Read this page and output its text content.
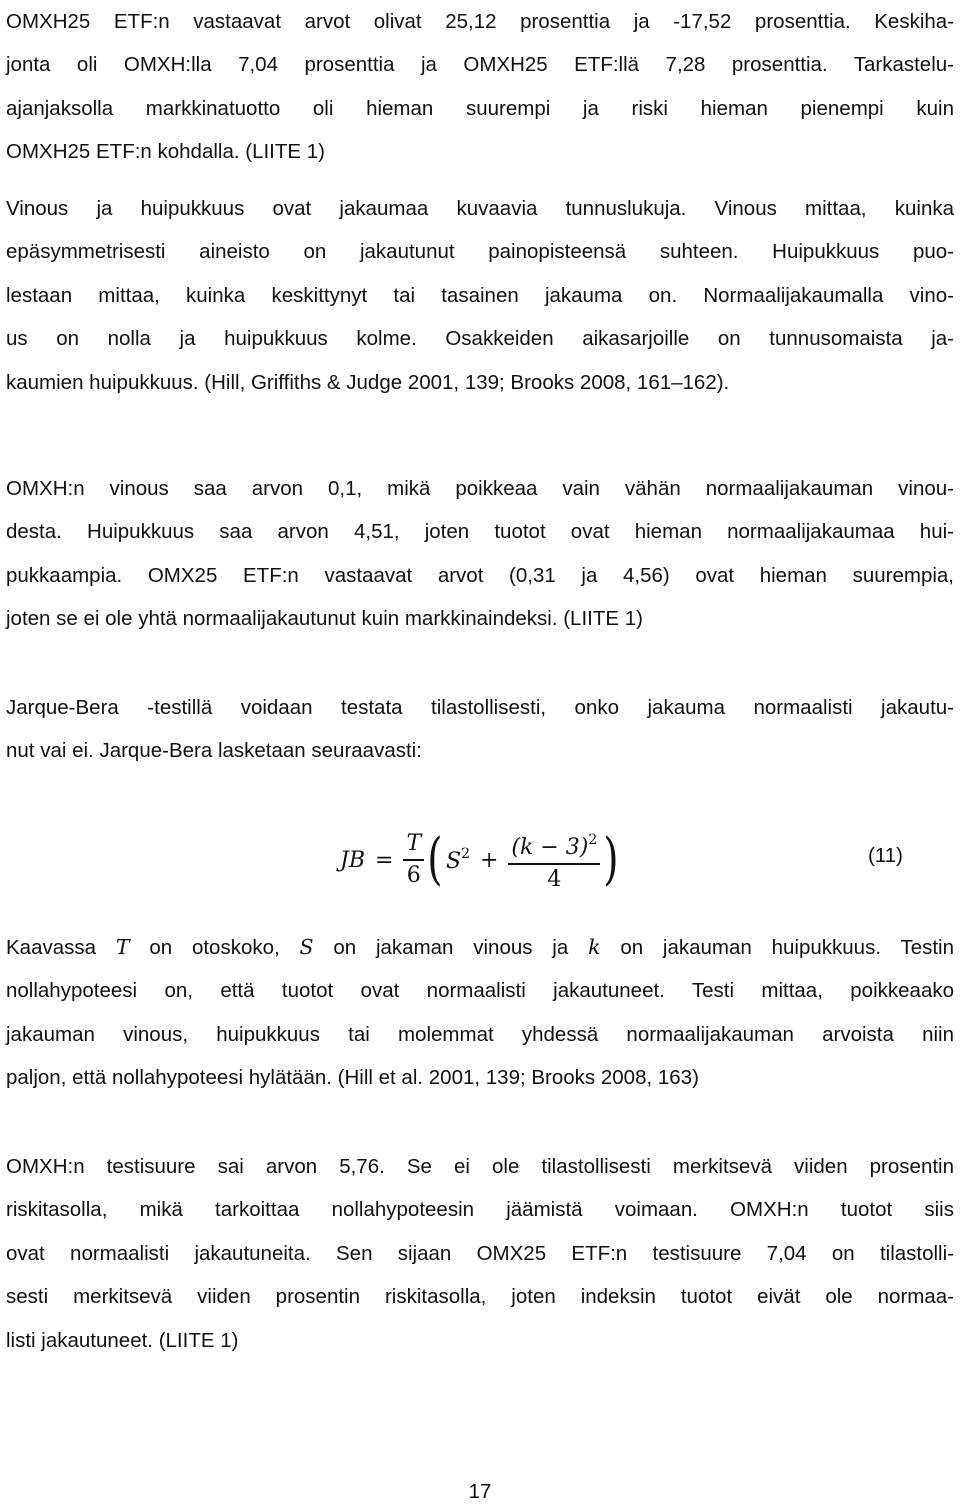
OMXH25 ETF:n vastaavat arvot olivat 25,12 prosenttia ja -17,52 prosenttia. Keskiha-
jonta oli OMXH:lla 7,04 prosenttia ja OMXH25 ETF:llä 7,28 prosenttia. Tarkastelu-
ajanjaksolla markkinatuotto oli hieman suurempi ja riski hieman pienempi kuin
OMXH25 ETF:n kohdalla. (LIITE 1)
Vinous ja huipukkuus ovat jakaumaa kuvaavia tunnuslukuja. Vinous mittaa, kuinka
epäsymmetrisesti aineisto on jakautunut painopisteensä suhteen. Huipukkuus puo-
lestaan mittaa, kuinka keskittynyt tai tasainen jakauma on. Normaalijakaumalla vino-
us on nolla ja huipukkuus kolme. Osakkeiden aikasarjoille on tunnusomaista ja-
kaumien huipukkuus. (Hill, Griffiths & Judge 2001, 139; Brooks 2008, 161‒162).
OMXH:n vinous saa arvon 0,1, mikä poikkeaa vain vähän normaalijakauman vinou-
desta. Huipukkuus saa arvon 4,51, joten tuotot ovat hieman normaalijakaumaa hui-
pukkaampia. OMX25 ETF:n vastaavat arvot (0,31 ja 4,56) ovat hieman suurempia,
joten se ei ole yhtä normaalijakautunut kuin markkinaindeksi. (LIITE 1)
Jarque-Bera -testillä voidaan testata tilastollisesti, onko jakauma normaalisti jakautu-
nut vai ei. Jarque-Bera lasketaan seuraavasti:
JB = $\frac{T}{6}$ ( $S^2 + \frac{(k - 3)^2}{4}$ )	(11)
Kaavassa T on otoskoko, S on jakaman vinous ja k on jakauman huipukkuus. Testin
nollahypoteesi on, että tuotot ovat normaalisti jakautuneet. Testi mittaa, poikkeaako
jakauman vinous, huipukkuus tai molemmat yhdessä normaalijakauman arvoista niin
paljon, että nollahypoteesi hylätään. (Hill et al. 2001, 139; Brooks 2008, 163)
OMXH:n testisuure sai arvon 5,76. Se ei ole tilastollisesti merkitsevä viiden prosentin
riskitasolla, mikä tarkoittaa nollahypoteesin jäämistä voimaan. OMXH:n tuotot siis
ovat normaalisti jakautuneita. Sen sijaan OMX25 ETF:n testisuure 7,04 on tilastolli-
sesti merkitsevä viiden prosentin riskitasolla, joten indeksin tuotot eivät ole normaa-
listi jakautuneet. (LIITE 1)
17
